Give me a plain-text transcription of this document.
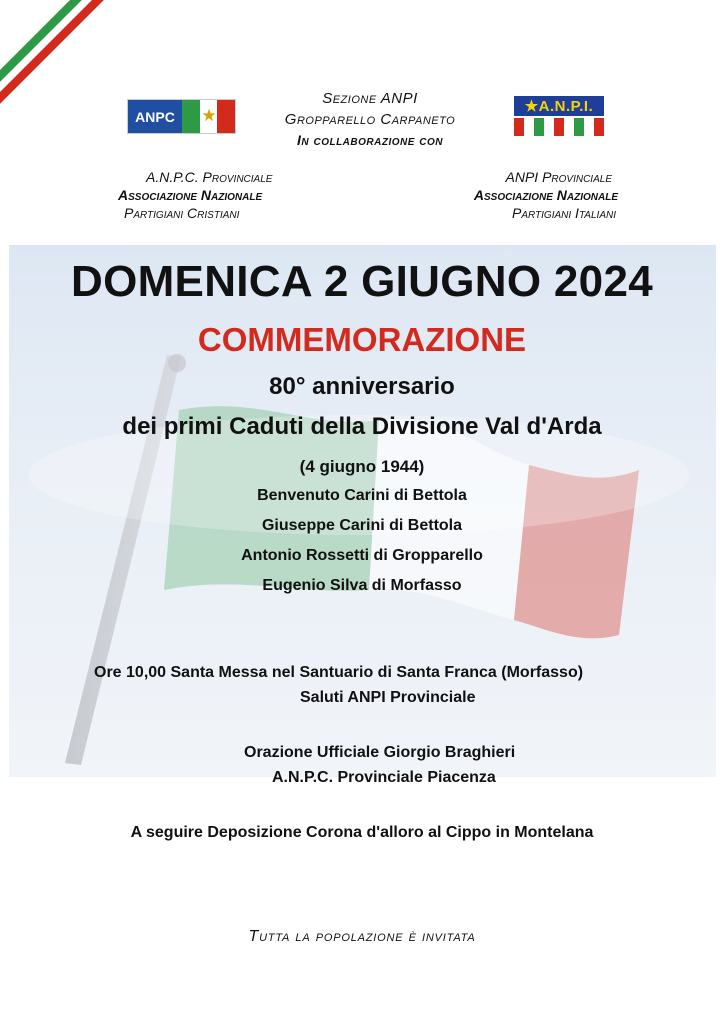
ANPC	★
Sezione ANPI
Gropparello Carpaneto
In collaborazione con
★A.N.P.I.
A.N.P.C. Provinciale
Associazione Nazionale
Partigiani Cristiani
ANPI Provinciale
Associazione Nazionale
Partigiani Italiani
DOMENICA 2 GIUGNO 2024
COMMEMORAZIONE
80° anniversario
dei primi Caduti della Divisione Val d'Arda
(4 giugno 1944)
Benvenuto Carini di Bettola
Giuseppe Carini di Bettola
Antonio Rossetti di Gropparello
Eugenio Silva di Morfasso
Ore 10,00 Santa Messa nel Santuario di Santa Franca (Morfasso)
Saluti ANPI Provinciale
Orazione Ufficiale Giorgio Braghieri
A.N.P.C. Provinciale Piacenza
A seguire Deposizione Corona d'alloro al Cippo in Montelana
Tutta la popolazione è invitata
